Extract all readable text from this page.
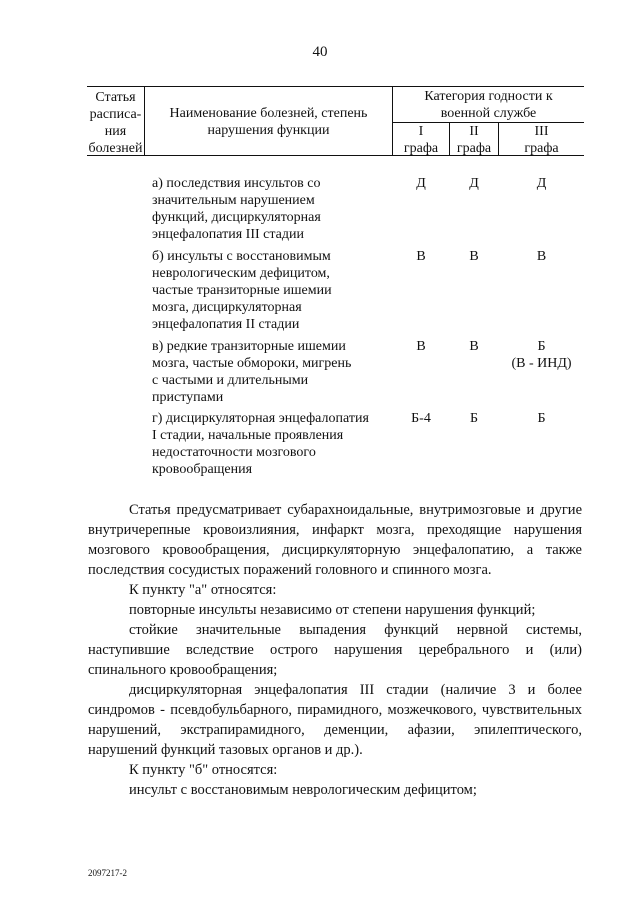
40
Статья
расписа-
ния
болезней
Наименование болезней, степень
нарушения функции
Категория годности к
военной службе
I
графа
II
графа
III
графа
а) последствия инсультов со
значительным нарушением
функций, дисциркуляторная
энцефалопатия III стадии
Д	Д	Д
б) инсульты с восстановимым
неврологическим дефицитом,
частые транзиторные ишемии
мозга, дисциркуляторная
энцефалопатия II стадии
В	В	В
в) редкие транзиторные ишемии
мозга, частые обмороки, мигрень
с частыми и длительными
приступами
В	В	Б
(В - ИНД)
г) дисциркуляторная энцефалопатия
I стадии, начальные проявления
недостаточности мозгового
кровообращения
Б-4	Б	Б
Статья предусматривает субарахноидальные, внутримозговые и другие внутричерепные кровоизлияния, инфаркт мозга, преходящие нарушения мозгового кровообращения, дисциркуляторную энцефалопатию, а также последствия сосудистых поражений головного и спинного мозга.
К пункту "а" относятся:
повторные инсульты независимо от степени нарушения функций;
стойкие значительные выпадения функций нервной системы, наступившие вследствие острого нарушения церебрального и (или) спинального кровообращения;
дисциркуляторная энцефалопатия III стадии (наличие 3 и более синдромов - псевдобульбарного, пирамидного, мозжечкового, чувствительных нарушений, экстрапирамидного, деменции, афазии, эпилептического, нарушений функций тазовых органов и др.).
К пункту "б" относятся:
инсульт с восстановимым неврологическим дефицитом;
2097217-2
